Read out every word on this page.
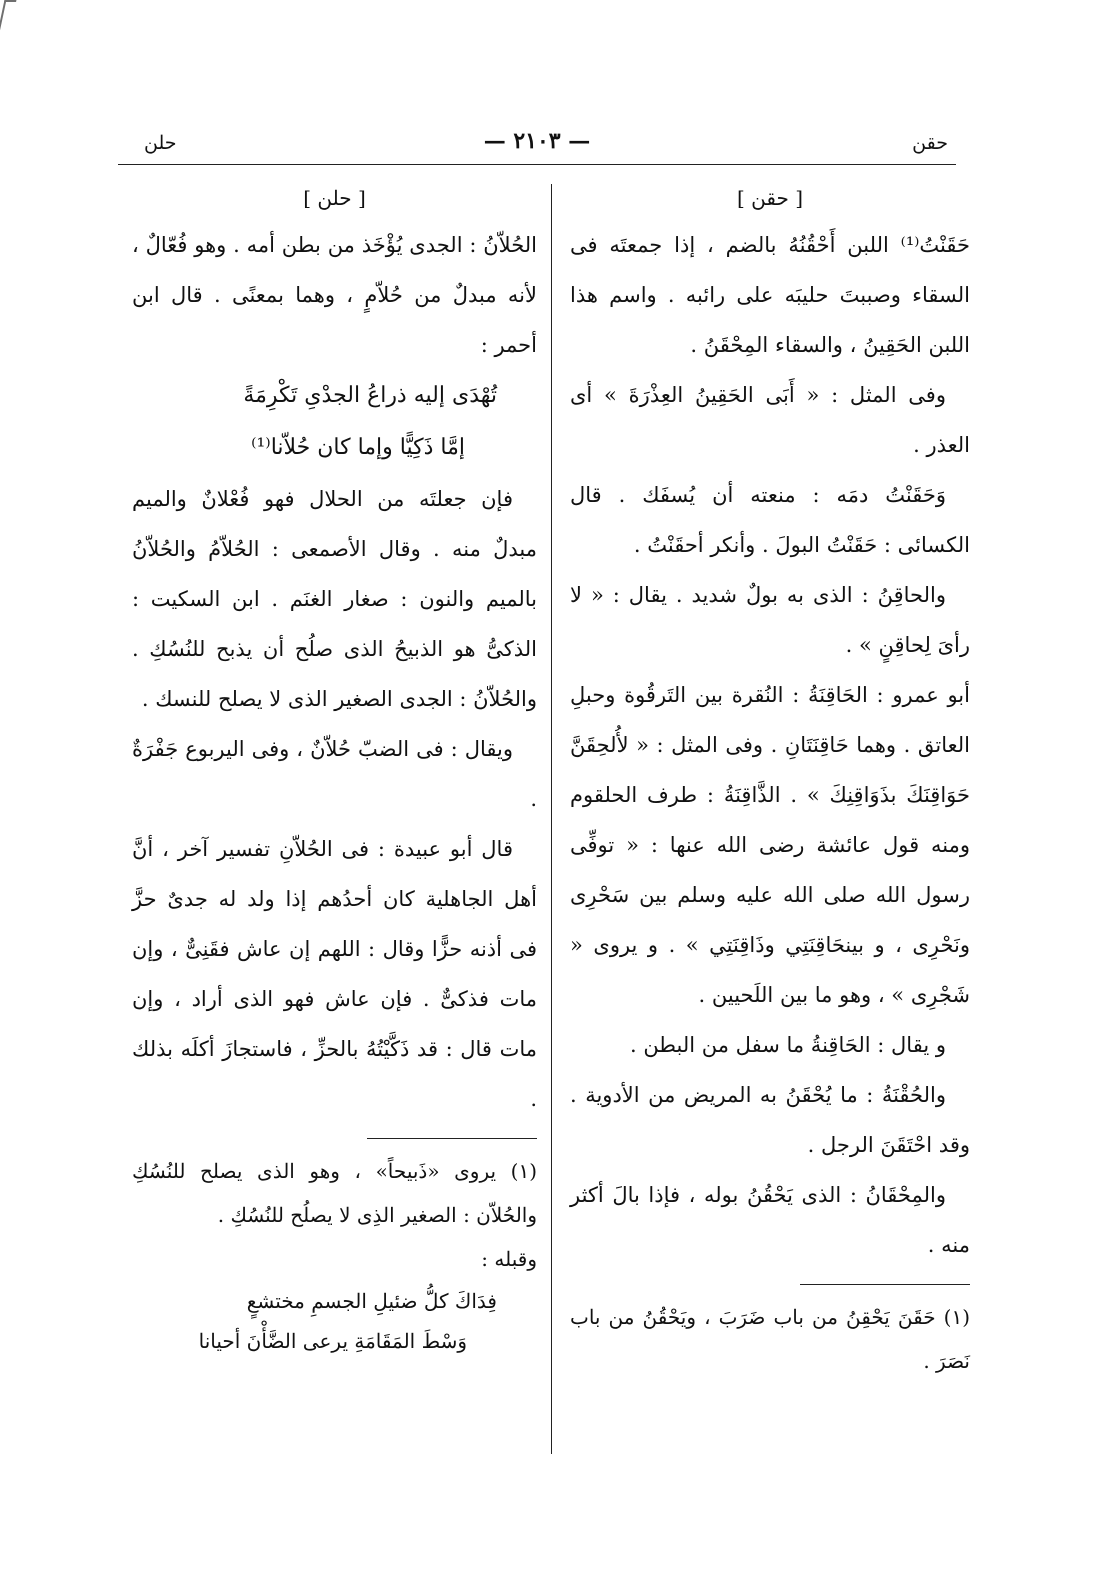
حقن
— ٢١٠٣ —
حلن

[ حقن ]

حَقَنْتُ⁽¹⁾ اللبن أَحْقُنُهُ بالضم ، إذا جمعتَه فى السقاء وصببتَ حليبَه على رائبه . واسم هذا اللبن الحَقِينُ ، والسقاء المِحْقَنُ .

وفى المثل : « أَبَى الحَقِينُ العِذْرَةَ » أى العذر .

وَحَقَنْتُ دمَه : منعته أن يُسفَك . قال الكسائى : حَقَنْتُ البولَ . وأنكر أحقَنْتُ .

والحاقِنُ : الذى به بولٌ شديد . يقال : « لا رأىَ لِحاقِنٍ » .

أبو عمرو : الحَاقِنَةُ : النُقرة بين التَرقُوة وحبلِ العاتق . وهما حَاقِنَتَانِ . وفى المثل : « لأُلحِقَنَّ حَوَاقِنَكَ بذَوَاقِنِكَ » . الذَّاقِنَةُ : طرف الحلقوم ومنه قول عائشة رضى الله عنها : « توفِّى رسول الله صلى الله عليه وسلم بين سَحْرِى ونَحْرِى ، و بينحَاقِنَتِي وذَاقِنَتِي » . و يروى « شَجْرِى » ، وهو ما بين اللَحيين .

و يقال : الحَاقِنةُ ما سفل من البطن .

والحُقْنَةُ : ما يُحْقَنُ به المريض من الأدوية . وقد احْتَقَنَ الرجل .

والمِحْقَانُ : الذى يَحْقُنُ بوله ، فإذا بالَ أكثر منه .

(١) حَقَنَ يَحْقِنُ من باب ضَرَبَ ، ويَحْقُنُ من باب نَصَرَ .

[ حلن ]

الحُلاّنُ : الجدى يُؤْخَذ من بطن أمه . وهو فُعّالٌ ، لأنه مبدلٌ من حُلاّمٍ ، وهما بمعنًى . قال ابن أحمر :

تُهْدَى إليه ذراعُ الجدْىِ تَكْرِمَةً

إمَّا ذَكِيًّا وإما كان حُلاّنا⁽¹⁾

فإن جعلتَه من الحلال فهو فُعْلانٌ والميم مبدلٌ منه . وقال الأصمعى : الحُلاّمُ والحُلاّنُ بالميم والنون : صغار الغنَم . ابن السكيت : الذكىُّ هو الذبيحُ الذى صلُح أن يذبح للنُسُكِ . والحُلاّنُ : الجدى الصغير الذى لا يصلح للنسك .

ويقال : فى الضبّ حُلاّنٌ ، وفى اليربوع جَفْرَةٌ .

قال أبو عبيدة : فى الحُلاّنِ تفسير آخر ، أنَّ أهل الجاهلية كان أحدُهم إذا ولد له جدىٌ حزَّ فى أذنه حزًّا وقال : اللهم إن عاش فقَنِىٌّ ، وإن مات فذكىٌّ . فإن عاش فهو الذى أراد ، وإن مات قال : قد ذَكَّيْتُهُ بالحزِّ ، فاستجازَ أكلَه بذلك .

(١) يروى «ذَبيحاً» ، وهو الذى يصلح للنُسُكِ والحُلاّن : الصغير الذِى لا يصلُح للنُسُكِ .

وقبله :

فِدَاكَ كلُّ ضئيلِ الجسمِ مختشعٍ

وَسْطَ المَقَامَةِ يرعى الضَّأْنَ أحيانا
